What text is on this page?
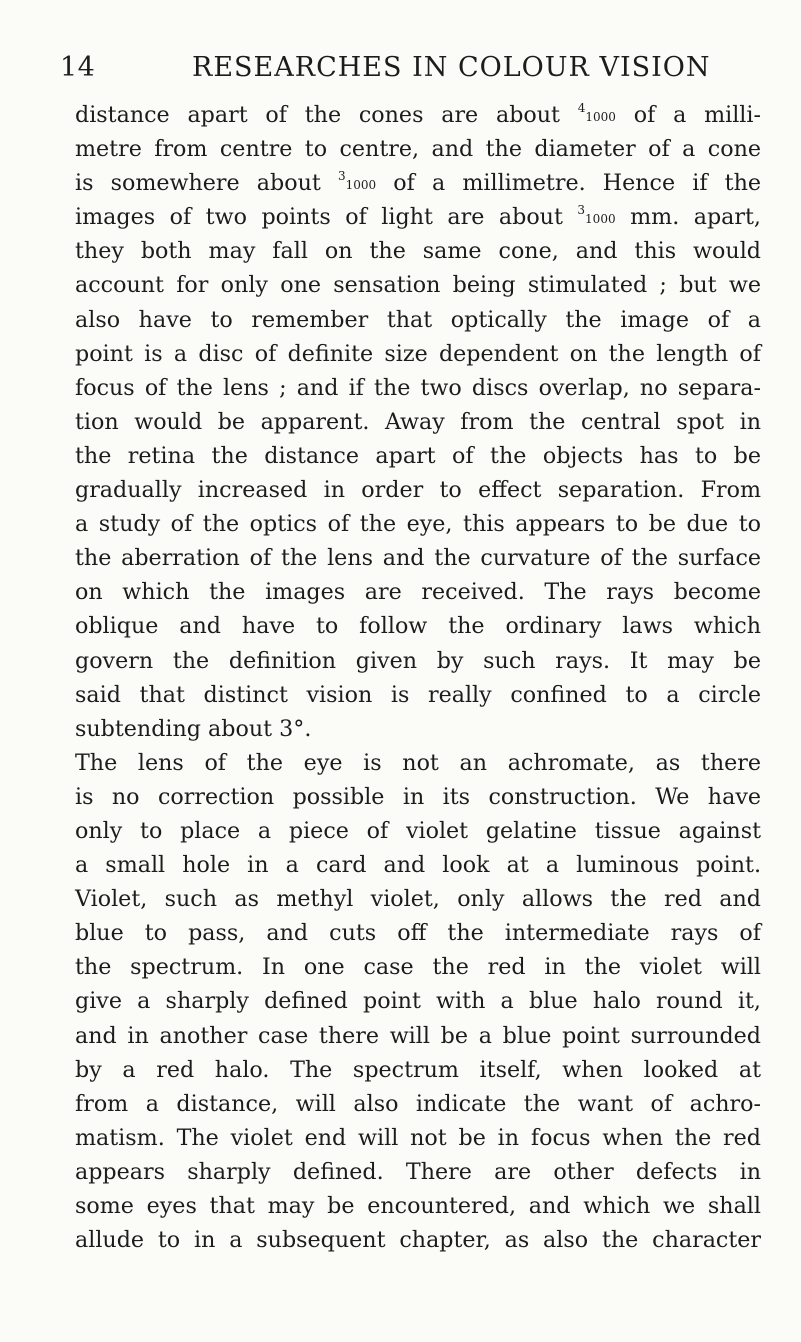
14	RESEARCHES IN COLOUR VISION
distance apart of the cones are about $^4_{1000}$ of a milli-
metre from centre to centre, and the diameter of a cone
is somewhere about $^3_{1000}$ of a millimetre. Hence if the
images of two points of light are about $^3_{1000}$ mm. apart,
they both may fall on the same cone, and this would
account for only one sensation being stimulated ; but we
also have to remember that optically the image of a
point is a disc of definite size dependent on the length of
focus of the lens ; and if the two discs overlap, no separa-
tion would be apparent. Away from the central spot in
the retina the distance apart of the objects has to be
gradually increased in order to effect separation. From
a study of the optics of the eye, this appears to be due to
the aberration of the lens and the curvature of the surface
on which the images are received. The rays become
oblique and have to follow the ordinary laws which
govern the definition given by such rays. It may be
said that distinct vision is really confined to a circle
subtending about 3°.
The lens of the eye is not an achromate, as there
is no correction possible in its construction. We have
only to place a piece of violet gelatine tissue against
a small hole in a card and look at a luminous point.
Violet, such as methyl violet, only allows the red and
blue to pass, and cuts off the intermediate rays of
the spectrum. In one case the red in the violet will
give a sharply defined point with a blue halo round it,
and in another case there will be a blue point surrounded
by a red halo. The spectrum itself, when looked at
from a distance, will also indicate the want of achro-
matism. The violet end will not be in focus when the red
appears sharply defined. There are other defects in
some eyes that may be encountered, and which we shall
allude to in a subsequent chapter, as also the character
